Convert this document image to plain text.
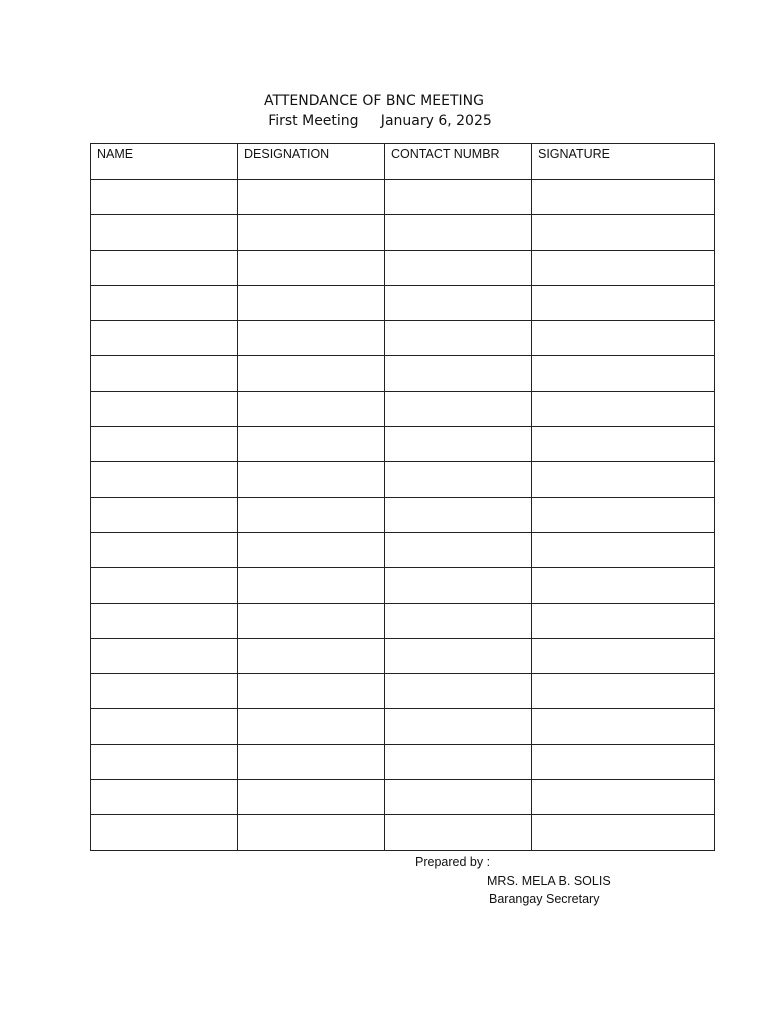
ATTENDANCE OF BNC MEETING
First Meeting     January 6, 2025
NAME	DESIGNATION	CONTACT NUMBR	SIGNATURE

Prepared by :
MRS. MELA B. SOLIS
Barangay Secretary
